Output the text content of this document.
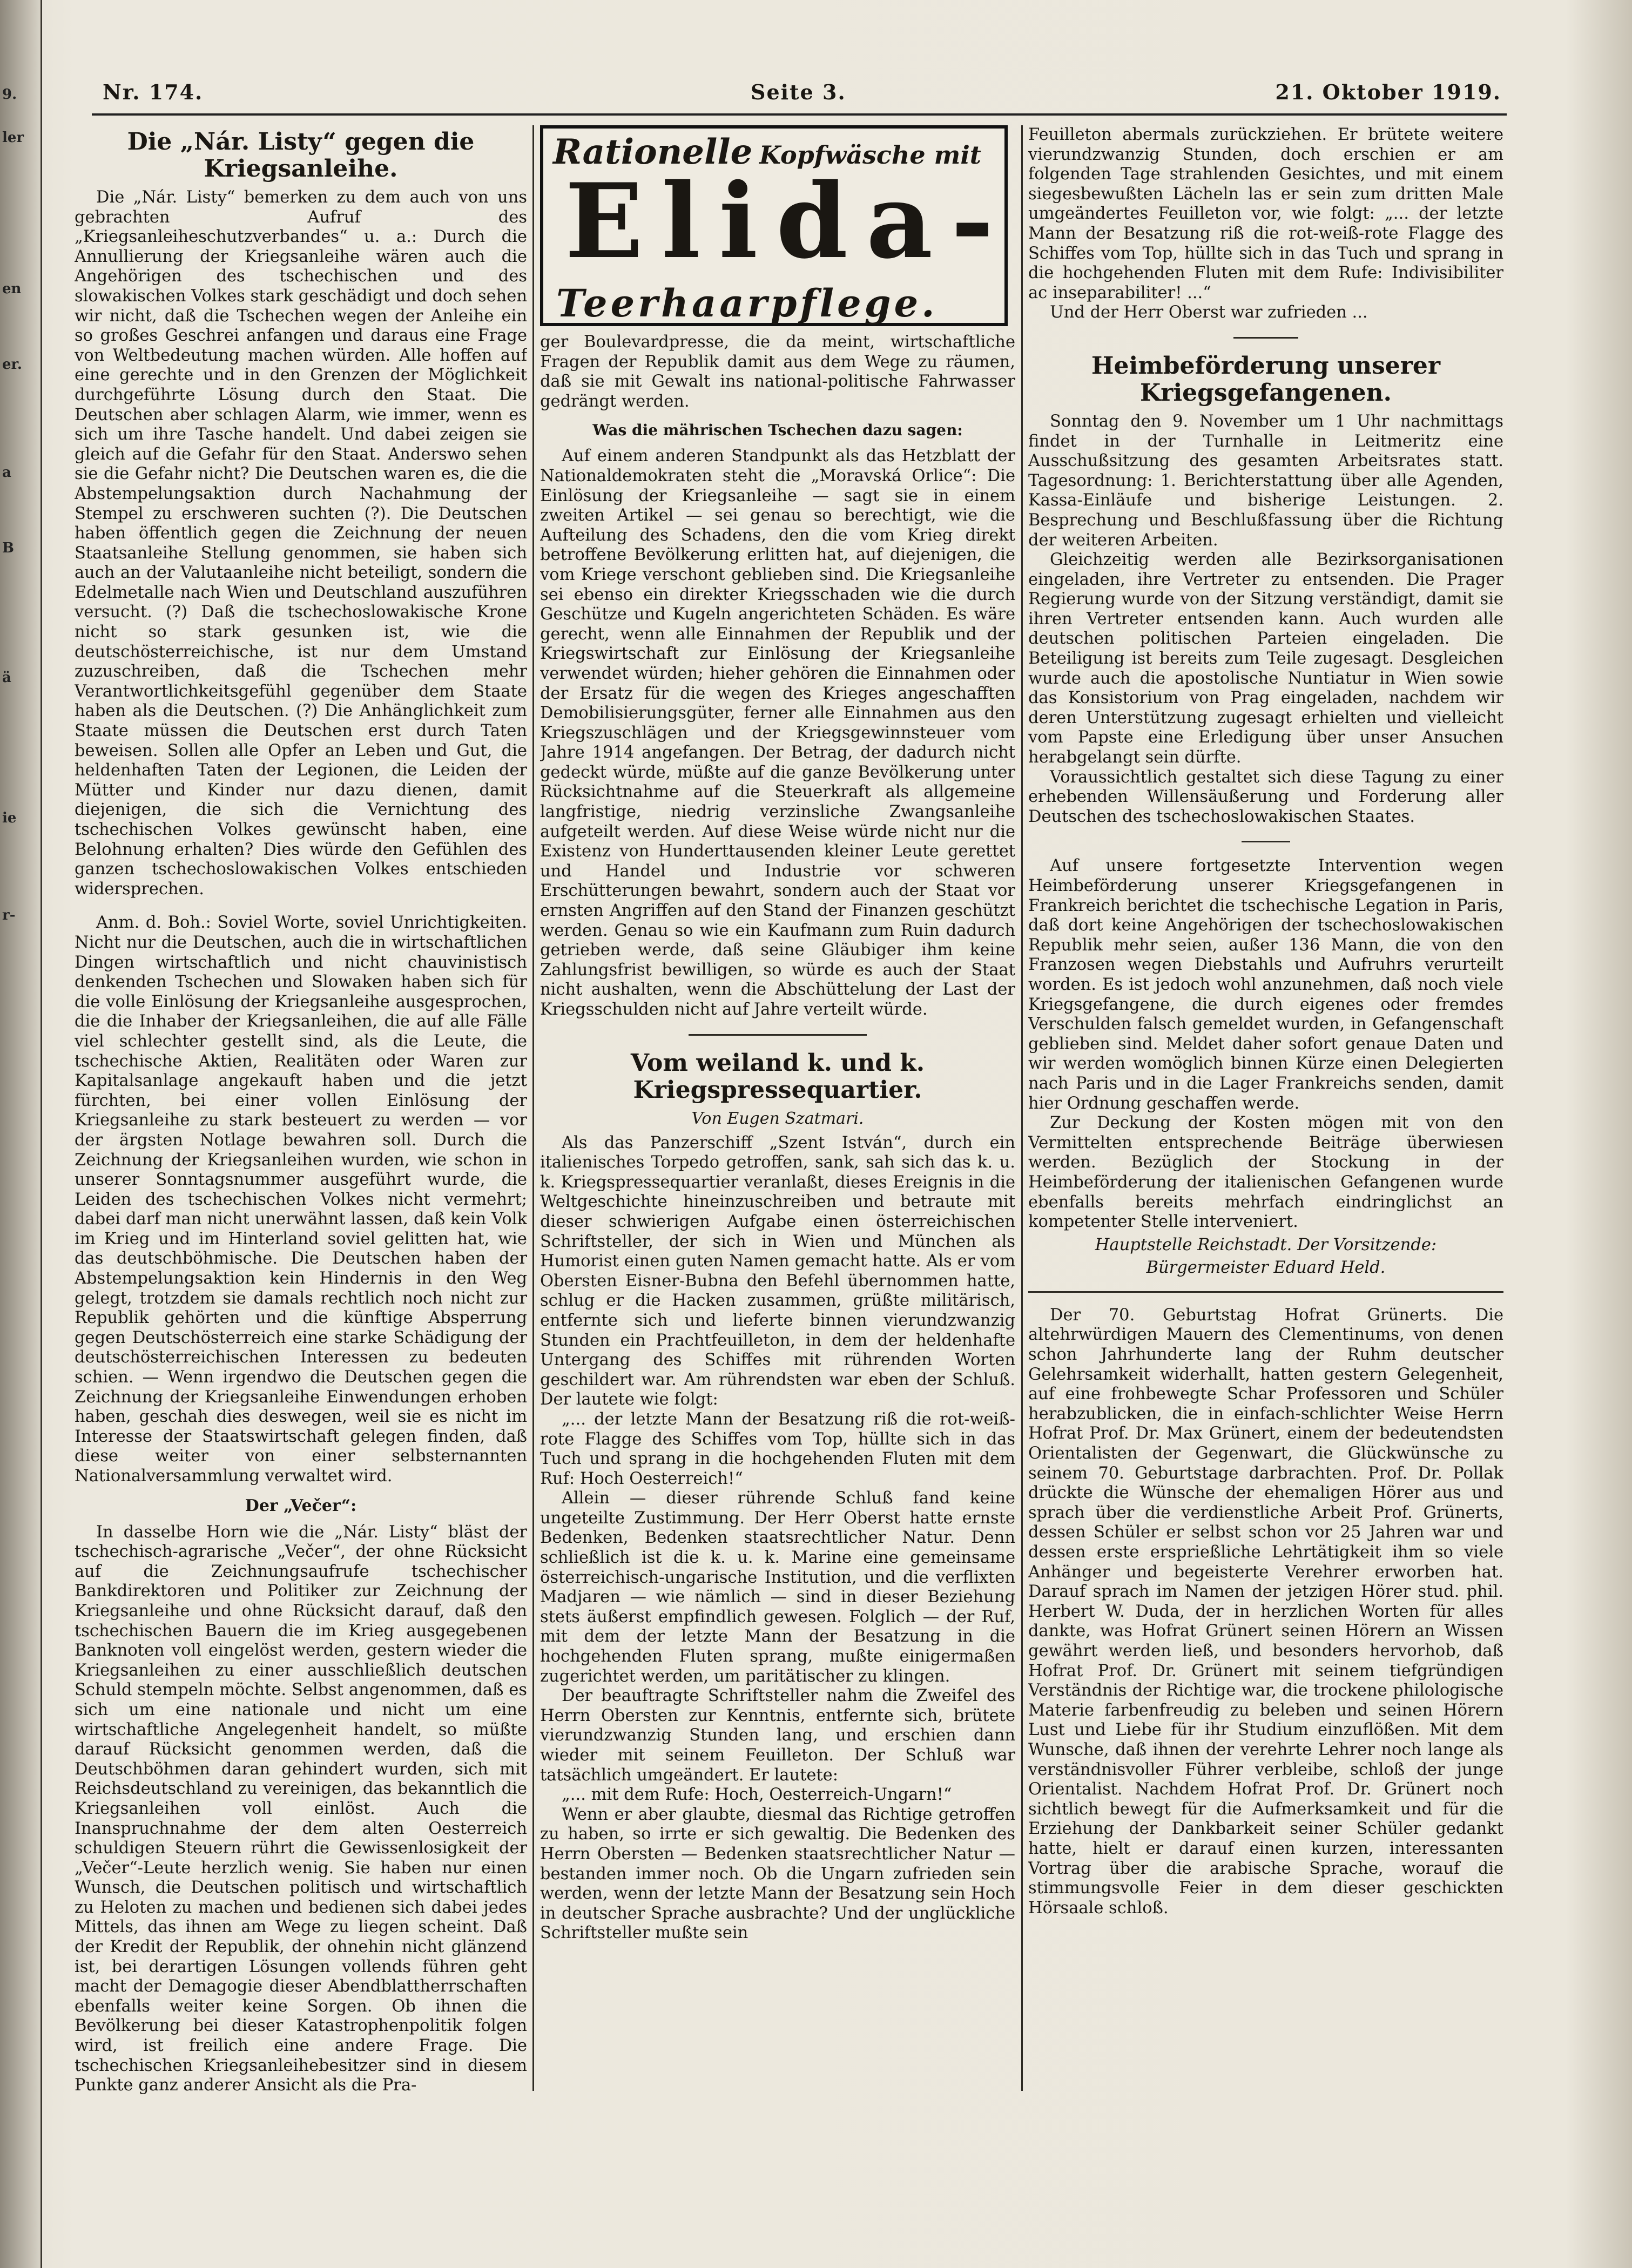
9.
ler
en
er.
a
B
ä
ie
r-
Nr. 174.	Seite 3.	21. Oktober 1919.
Die „Nár. Listy“ gegen die Kriegsanleihe.

Die „Nár. Listy“ bemerken zu dem auch von uns gebrachten Aufruf des „Kriegsanleiheschutzverbandes“ u. a.: Durch die Annullierung der Kriegsanleihe wären auch die Angehörigen des tschechischen und des slowakischen Volkes stark geschädigt und doch sehen wir nicht, daß die Tschechen wegen der Anleihe ein so großes Geschrei anfangen und daraus eine Frage von Weltbedeutung machen würden. Alle hoffen auf eine gerechte und in den Grenzen der Möglichkeit durchgeführte Lösung durch den Staat. Die Deutschen aber schlagen Alarm, wie immer, wenn es sich um ihre Tasche handelt. Und dabei zeigen sie gleich auf die Gefahr für den Staat. Anderswo sehen sie die Gefahr nicht? Die Deutschen waren es, die die Abstempelungsaktion durch Nachahmung der Stempel zu erschweren suchten (?). Die Deutschen haben öffentlich gegen die Zeichnung der neuen Staatsanleihe Stellung genommen, sie haben sich auch an der Valutaanleihe nicht beteiligt, sondern die Edelmetalle nach Wien und Deutschland auszuführen versucht. (?) Daß die tschechoslowakische Krone nicht so stark gesunken ist, wie die deutschösterreichische, ist nur dem Umstand zuzuschreiben, daß die Tschechen mehr Verantwortlichkeitsgefühl gegenüber dem Staate haben als die Deutschen. (?) Die Anhänglichkeit zum Staate müssen die Deutschen erst durch Taten beweisen. Sollen alle Opfer an Leben und Gut, die heldenhaften Taten der Legionen, die Leiden der Mütter und Kinder nur dazu dienen, damit diejenigen, die sich die Vernichtung des tschechischen Volkes gewünscht haben, eine Belohnung erhalten? Dies würde den Gefühlen des ganzen tschechoslowakischen Volkes entschieden widersprechen.

Anm. d. Boh.: Soviel Worte, soviel Unrichtigkeiten. Nicht nur die Deutschen, auch die in wirtschaftlichen Dingen wirtschaftlich und nicht chauvinistisch denkenden Tschechen und Slowaken haben sich für die volle Einlösung der Kriegsanleihe ausgesprochen, die die Inhaber der Kriegsanleihen, die auf alle Fälle viel schlechter gestellt sind, als die Leute, die tschechische Aktien, Realitäten oder Waren zur Kapitalsanlage angekauft haben und die jetzt fürchten, bei einer vollen Einlösung der Kriegsanleihe zu stark besteuert zu werden — vor der ärgsten Notlage bewahren soll. Durch die Zeichnung der Kriegsanleihen wurden, wie schon in unserer Sonntagsnummer ausgeführt wurde, die Leiden des tschechischen Volkes nicht vermehrt; dabei darf man nicht unerwähnt lassen, daß kein Volk im Krieg und im Hinterland soviel gelitten hat, wie das deutschböhmische. Die Deutschen haben der Abstempelungsaktion kein Hindernis in den Weg gelegt, trotzdem sie damals rechtlich noch nicht zur Republik gehörten und die künftige Absperrung gegen Deutschösterreich eine starke Schädigung der deutschösterreichischen Interessen zu bedeuten schien. — Wenn irgendwo die Deutschen gegen die Zeichnung der Kriegsanleihe Einwendungen erhoben haben, geschah dies deswegen, weil sie es nicht im Interesse der Staatswirtschaft gelegen finden, daß diese weiter von einer selbsternannten Nationalversammlung verwaltet wird.

Der „Večer“:

In dasselbe Horn wie die „Nár. Listy“ bläst der tschechisch-agrarische „Večer“, der ohne Rücksicht auf die Zeichnungsaufrufe tschechischer Bankdirektoren und Politiker zur Zeichnung der Kriegsanleihe und ohne Rücksicht darauf, daß den tschechischen Bauern die im Krieg ausgegebenen Banknoten voll eingelöst werden, gestern wieder die Kriegsanleihen zu einer ausschließlich deutschen Schuld stempeln möchte. Selbst angenommen, daß es sich um eine nationale und nicht um eine wirtschaftliche Angelegenheit handelt, so müßte darauf Rücksicht genommen werden, daß die Deutschböhmen daran gehindert wurden, sich mit Reichsdeutschland zu vereinigen, das bekanntlich die Kriegsanleihen voll einlöst. Auch die Inanspruchnahme der dem alten Oesterreich schuldigen Steuern rührt die Gewissenlosigkeit der „Večer“-Leute herzlich wenig. Sie haben nur einen Wunsch, die Deutschen politisch und wirtschaftlich zu Heloten zu machen und bedienen sich dabei jedes Mittels, das ihnen am Wege zu liegen scheint. Daß der Kredit der Republik, der ohnehin nicht glänzend ist, bei derartigen Lösungen vollends führen geht macht der Demagogie dieser Abendblattherrschaften ebenfalls weiter keine Sorgen. Ob ihnen die Bevölkerung bei dieser Katastrophenpolitik folgen wird, ist freilich eine andere Frage. Die tschechischen Kriegsanleihebesitzer sind in diesem Punkte ganz anderer Ansicht als die Pra-

Rationelle Kopfwäsche mit
Elida-
Teerhaarpflege.

ger Boulevardpresse, die da meint, wirtschaftliche Fragen der Republik damit aus dem Wege zu räumen, daß sie mit Gewalt ins national-politische Fahrwasser gedrängt werden.

Was die mährischen Tschechen dazu sagen:

Auf einem anderen Standpunkt als das Hetzblatt der Nationaldemokraten steht die „Moravská Orlice“: Die Einlösung der Kriegsanleihe — sagt sie in einem zweiten Artikel — sei genau so berechtigt, wie die Aufteilung des Schadens, den die vom Krieg direkt betroffene Bevölkerung erlitten hat, auf diejenigen, die vom Kriege verschont geblieben sind. Die Kriegsanleihe sei ebenso ein direkter Kriegsschaden wie die durch Geschütze und Kugeln angerichteten Schäden. Es wäre gerecht, wenn alle Einnahmen der Republik und der Kriegswirtschaft zur Einlösung der Kriegsanleihe verwendet würden; hieher gehören die Einnahmen oder der Ersatz für die wegen des Krieges angeschafften Demobilisierungsgüter, ferner alle Einnahmen aus den Kriegszuschlägen und der Kriegsgewinnsteuer vom Jahre 1914 angefangen. Der Betrag, der dadurch nicht gedeckt würde, müßte auf die ganze Bevölkerung unter Rücksichtnahme auf die Steuerkraft als allgemeine langfristige, niedrig verzinsliche Zwangsanleihe aufgeteilt werden. Auf diese Weise würde nicht nur die Existenz von Hunderttausenden kleiner Leute gerettet und Handel und Industrie vor schweren Erschütterungen bewahrt, sondern auch der Staat vor ernsten Angriffen auf den Stand der Finanzen geschützt werden. Genau so wie ein Kaufmann zum Ruin dadurch getrieben werde, daß seine Gläubiger ihm keine Zahlungsfrist bewilligen, so würde es auch der Staat nicht aushalten, wenn die Abschüttelung der Last der Kriegsschulden nicht auf Jahre verteilt würde.

Vom weiland k. und k. Kriegspressequartier.
Von Eugen Szatmari.

Als das Panzerschiff „Szent István“, durch ein italienisches Torpedo getroffen, sank, sah sich das k. u. k. Kriegspressequartier veranlaßt, dieses Ereignis in die Weltgeschichte hineinzuschreiben und betraute mit dieser schwierigen Aufgabe einen österreichischen Schriftsteller, der sich in Wien und München als Humorist einen guten Namen gemacht hatte. Als er vom Obersten Eisner-Bubna den Befehl übernommen hatte, schlug er die Hacken zusammen, grüßte militärisch, entfernte sich und lieferte binnen vierundzwanzig Stunden ein Prachtfeuilleton, in dem der heldenhafte Untergang des Schiffes mit rührenden Worten geschildert war. Am rührendsten war eben der Schluß. Der lautete wie folgt:

„... der letzte Mann der Besatzung riß die rot-weiß-rote Flagge des Schiffes vom Top, hüllte sich in das Tuch und sprang in die hochgehenden Fluten mit dem Ruf: Hoch Oesterreich!“

Allein — dieser rührende Schluß fand keine ungeteilte Zustimmung. Der Herr Oberst hatte ernste Bedenken, Bedenken staatsrechtlicher Natur. Denn schließlich ist die k. u. k. Marine eine gemeinsame österreichisch-ungarische Institution, und die verflixten Madjaren — wie nämlich — sind in dieser Beziehung stets äußerst empfindlich gewesen. Folglich — der Ruf, mit dem der letzte Mann der Besatzung in die hochgehenden Fluten sprang, mußte einigermaßen zugerichtet werden, um paritätischer zu klingen.

Der beauftragte Schriftsteller nahm die Zweifel des Herrn Obersten zur Kenntnis, entfernte sich, brütete vierundzwanzig Stunden lang, und erschien dann wieder mit seinem Feuilleton. Der Schluß war tatsächlich umgeändert. Er lautete:

„... mit dem Rufe: Hoch, Oesterreich-Ungarn!“

Wenn er aber glaubte, diesmal das Richtige getroffen zu haben, so irrte er sich gewaltig. Die Bedenken des Herrn Obersten — Bedenken staatsrechtlicher Natur — bestanden immer noch. Ob die Ungarn zufrieden sein werden, wenn der letzte Mann der Besatzung sein Hoch in deutscher Sprache ausbrachte? Und der unglückliche Schriftsteller mußte sein

Feuilleton abermals zurückziehen. Er brütete weitere vierundzwanzig Stunden, doch erschien er am folgenden Tage strahlenden Gesichtes, und mit einem siegesbewußten Lächeln las er sein zum dritten Male umgeändertes Feuilleton vor, wie folgt: „... der letzte Mann der Besatzung riß die rot-weiß-rote Flagge des Schiffes vom Top, hüllte sich in das Tuch und sprang in die hochgehenden Fluten mit dem Rufe: Indivisibiliter ac inseparabiliter! ...“

Und der Herr Oberst war zufrieden ...

Heimbeförderung unserer Kriegsgefangenen.

Sonntag den 9. November um 1 Uhr nachmittags findet in der Turnhalle in Leitmeritz eine Ausschußsitzung des gesamten Arbeitsrates statt. Tagesordnung: 1. Berichterstattung über alle Agenden, Kassa-Einläufe und bisherige Leistungen. 2. Besprechung und Beschlußfassung über die Richtung der weiteren Arbeiten.

Gleichzeitig werden alle Bezirksorganisationen eingeladen, ihre Vertreter zu entsenden. Die Prager Regierung wurde von der Sitzung verständigt, damit sie ihren Vertreter entsenden kann. Auch wurden alle deutschen politischen Parteien eingeladen. Die Beteiligung ist bereits zum Teile zugesagt. Desgleichen wurde auch die apostolische Nuntiatur in Wien sowie das Konsistorium von Prag eingeladen, nachdem wir deren Unterstützung zugesagt erhielten und vielleicht vom Papste eine Erledigung über unser Ansuchen herabgelangt sein dürfte.

Voraussichtlich gestaltet sich diese Tagung zu einer erhebenden Willensäußerung und Forderung aller Deutschen des tschechoslowakischen Staates.

Auf unsere fortgesetzte Intervention wegen Heimbeförderung unserer Kriegsgefangenen in Frankreich berichtet die tschechische Legation in Paris, daß dort keine Angehörigen der tschechoslowakischen Republik mehr seien, außer 136 Mann, die von den Franzosen wegen Diebstahls und Aufruhrs verurteilt worden. Es ist jedoch wohl anzunehmen, daß noch viele Kriegsgefangene, die durch eigenes oder fremdes Verschulden falsch gemeldet wurden, in Gefangenschaft geblieben sind. Meldet daher sofort genaue Daten und wir werden womöglich binnen Kürze einen Delegierten nach Paris und in die Lager Frankreichs senden, damit hier Ordnung geschaffen werde.

Zur Deckung der Kosten mögen mit von den Vermittelten entsprechende Beiträge überwiesen werden. Bezüglich der Stockung in der Heimbeförderung der italienischen Gefangenen wurde ebenfalls bereits mehrfach eindringlichst an kompetenter Stelle interveniert.

Hauptstelle Reichstadt. Der Vorsitzende:
Bürgermeister Eduard Held.

Der 70. Geburtstag Hofrat Grünerts. Die altehrwürdigen Mauern des Clementinums, von denen schon Jahrhunderte lang der Ruhm deutscher Gelehrsamkeit widerhallt, hatten gestern Gelegenheit, auf eine frohbewegte Schar Professoren und Schüler herabzublicken, die in einfach-schlichter Weise Herrn Hofrat Prof. Dr. Max Grünert, einem der bedeutendsten Orientalisten der Gegenwart, die Glückwünsche zu seinem 70. Geburtstage darbrachten. Prof. Dr. Pollak drückte die Wünsche der ehemaligen Hörer aus und sprach über die verdienstliche Arbeit Prof. Grünerts, dessen Schüler er selbst schon vor 25 Jahren war und dessen erste ersprießliche Lehrtätigkeit ihm so viele Anhänger und begeisterte Verehrer erworben hat. Darauf sprach im Namen der jetzigen Hörer stud. phil. Herbert W. Duda, der in herzlichen Worten für alles dankte, was Hofrat Grünert seinen Hörern an Wissen gewährt werden ließ, und besonders hervorhob, daß Hofrat Prof. Dr. Grünert mit seinem tiefgründigen Verständnis der Richtige war, die trockene philologische Materie farbenfreudig zu beleben und seinen Hörern Lust und Liebe für ihr Studium einzuflößen. Mit dem Wunsche, daß ihnen der verehrte Lehrer noch lange als verständnisvoller Führer verbleibe, schloß der junge Orientalist. Nachdem Hofrat Prof. Dr. Grünert noch sichtlich bewegt für die Aufmerksamkeit und für die Erziehung der Dankbarkeit seiner Schüler gedankt hatte, hielt er darauf einen kurzen, interessanten Vortrag über die arabische Sprache, worauf die stimmungsvolle Feier in dem dieser geschickten Hörsaale schloß.
